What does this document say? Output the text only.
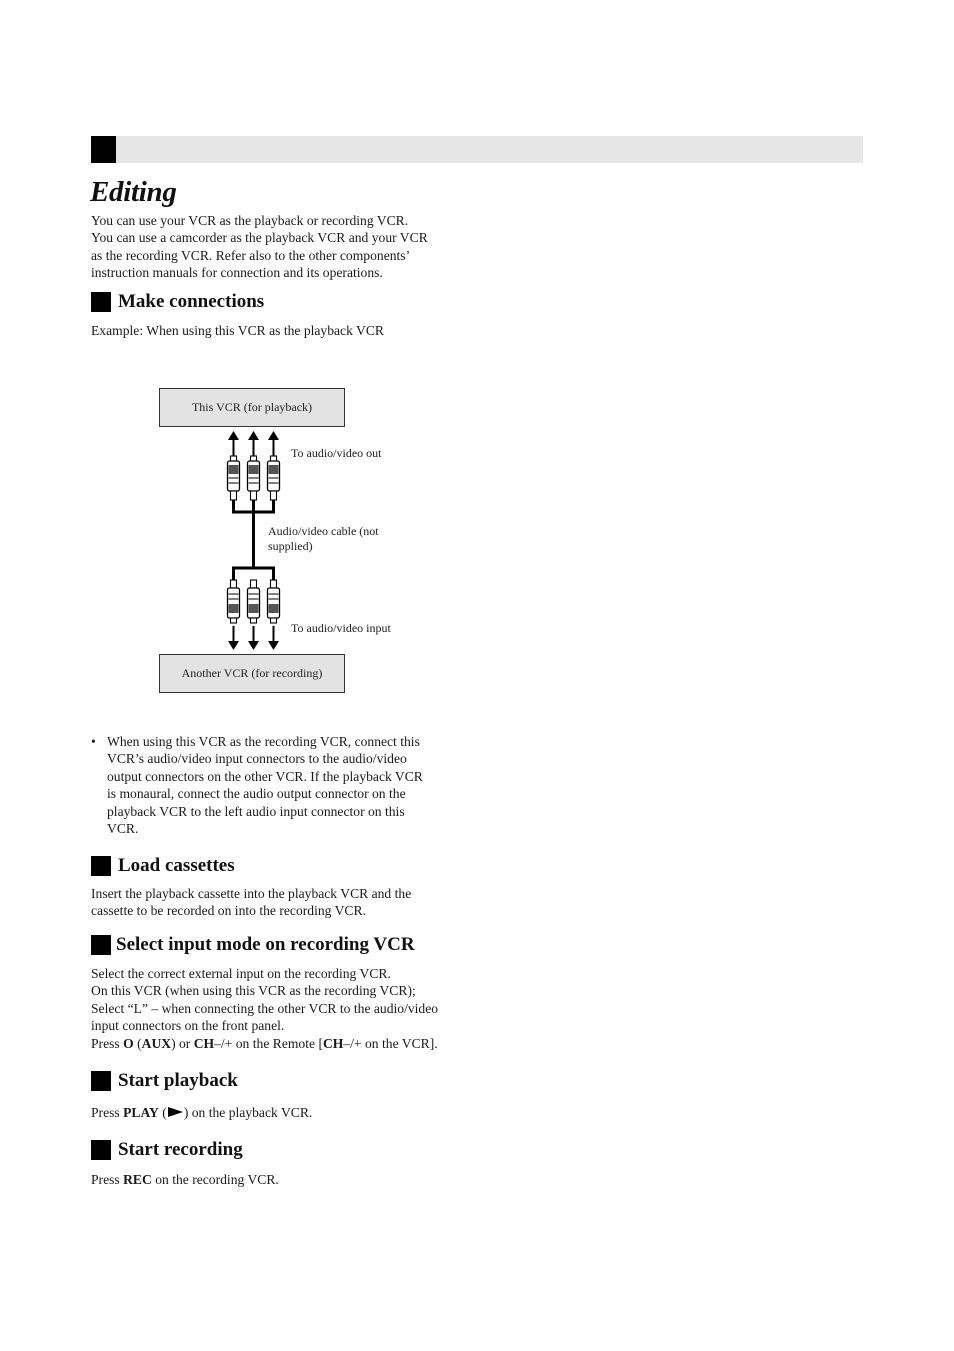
Editing
You can use your VCR as the playback or recording VCR.
You can use a camcorder as the playback VCR and your VCR
as the recording VCR. Refer also to the other components’
instruction manuals for connection and its operations.
Make connections
Example: When using this VCR as the playback VCR
This VCR (for playback)
Another VCR (for recording)
To audio/video out
Audio/video cable (not
supplied)
To audio/video input
• When using this VCR as the recording VCR, connect this
VCR’s audio/video input connectors to the audio/video
output connectors on the other VCR. If the playback VCR
is monaural, connect the audio output connector on the
playback VCR to the left audio input connector on this
VCR.
Load cassettes
Insert the playback cassette into the playback VCR and the
cassette to be recorded on into the recording VCR.
Select input mode on recording VCR
Select the correct external input on the recording VCR.
On this VCR (when using this VCR as the recording VCR);
Select “L” – when connecting the other VCR to the audio/video
input connectors on the front panel.
Press O (AUX) or CH–/+ on the Remote [CH–/+ on the VCR].
Start playback
Press PLAY ( ) on the playback VCR.
Start recording
Press REC on the recording VCR.
